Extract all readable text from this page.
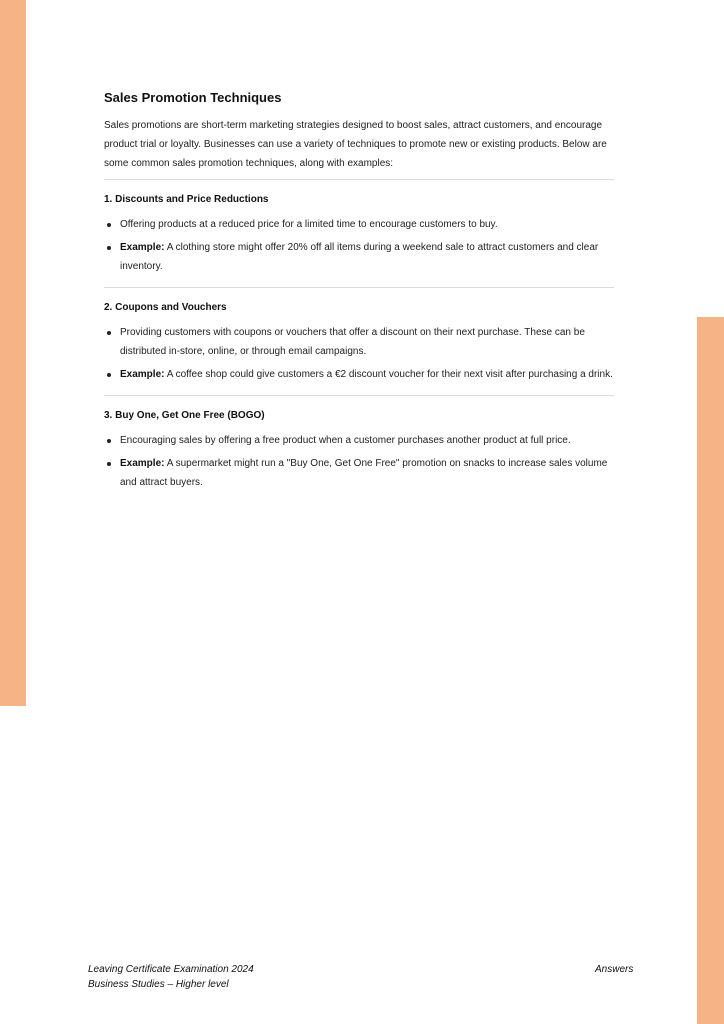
Sales Promotion Techniques

Sales promotions are short-term marketing strategies designed to boost sales, attract customers, and encourage product trial or loyalty. Businesses can use a variety of techniques to promote new or existing products. Below are some common sales promotion techniques, along with examples:

1. Discounts and Price Reductions
Offering products at a reduced price for a limited time to encourage customers to buy.
Example: A clothing store might offer 20% off all items during a weekend sale to attract customers and clear inventory.
2. Coupons and Vouchers
Providing customers with coupons or vouchers that offer a discount on their next purchase. These can be distributed in-store, online, or through email campaigns.
Example: A coffee shop could give customers a €2 discount voucher for their next visit after purchasing a drink.
3. Buy One, Get One Free (BOGO)
Encouraging sales by offering a free product when a customer purchases another product at full price.
Example: A supermarket might run a "Buy One, Get One Free" promotion on snacks to increase sales volume and attract buyers.
Leaving Certificate Examination 2024
Business Studies – Higher level
Answers
